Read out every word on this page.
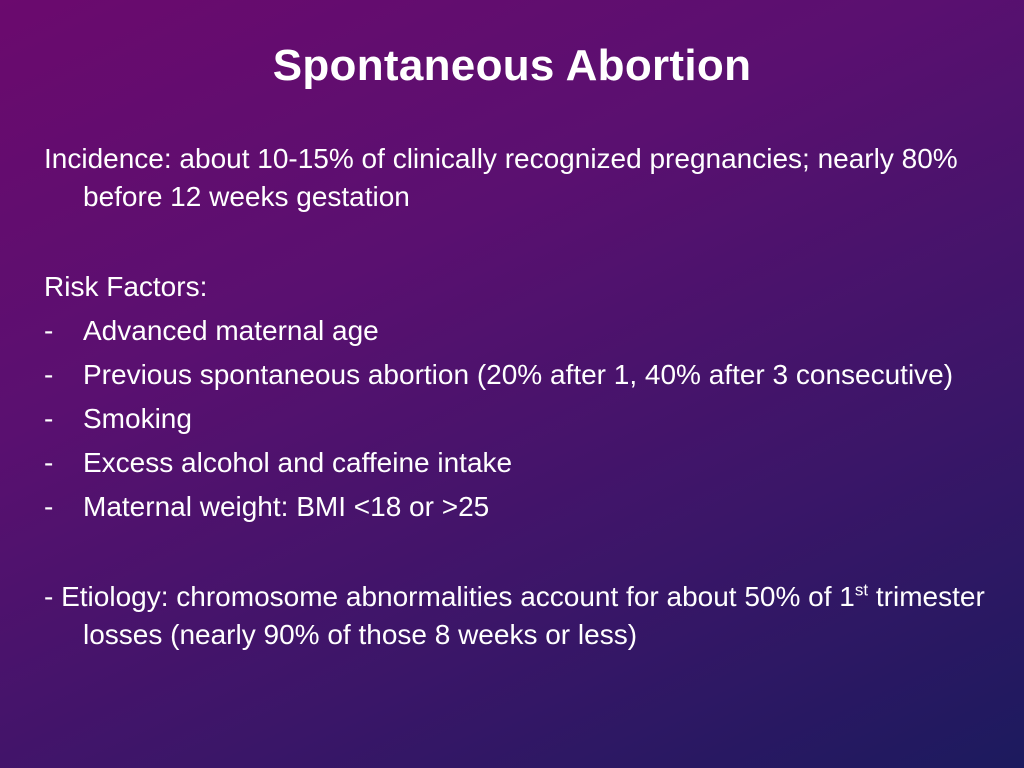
Spontaneous Abortion
Incidence: about 10-15% of clinically recognized pregnancies; nearly 80% before 12 weeks gestation
Risk Factors:
-	Advanced maternal age
-	Previous spontaneous abortion (20% after 1, 40% after 3 consecutive)
-	Smoking
-	Excess alcohol and caffeine intake
-	Maternal weight: BMI <18 or >25
- Etiology: chromosome abnormalities account for about 50% of 1st trimester losses (nearly 90% of those 8 weeks or less)
